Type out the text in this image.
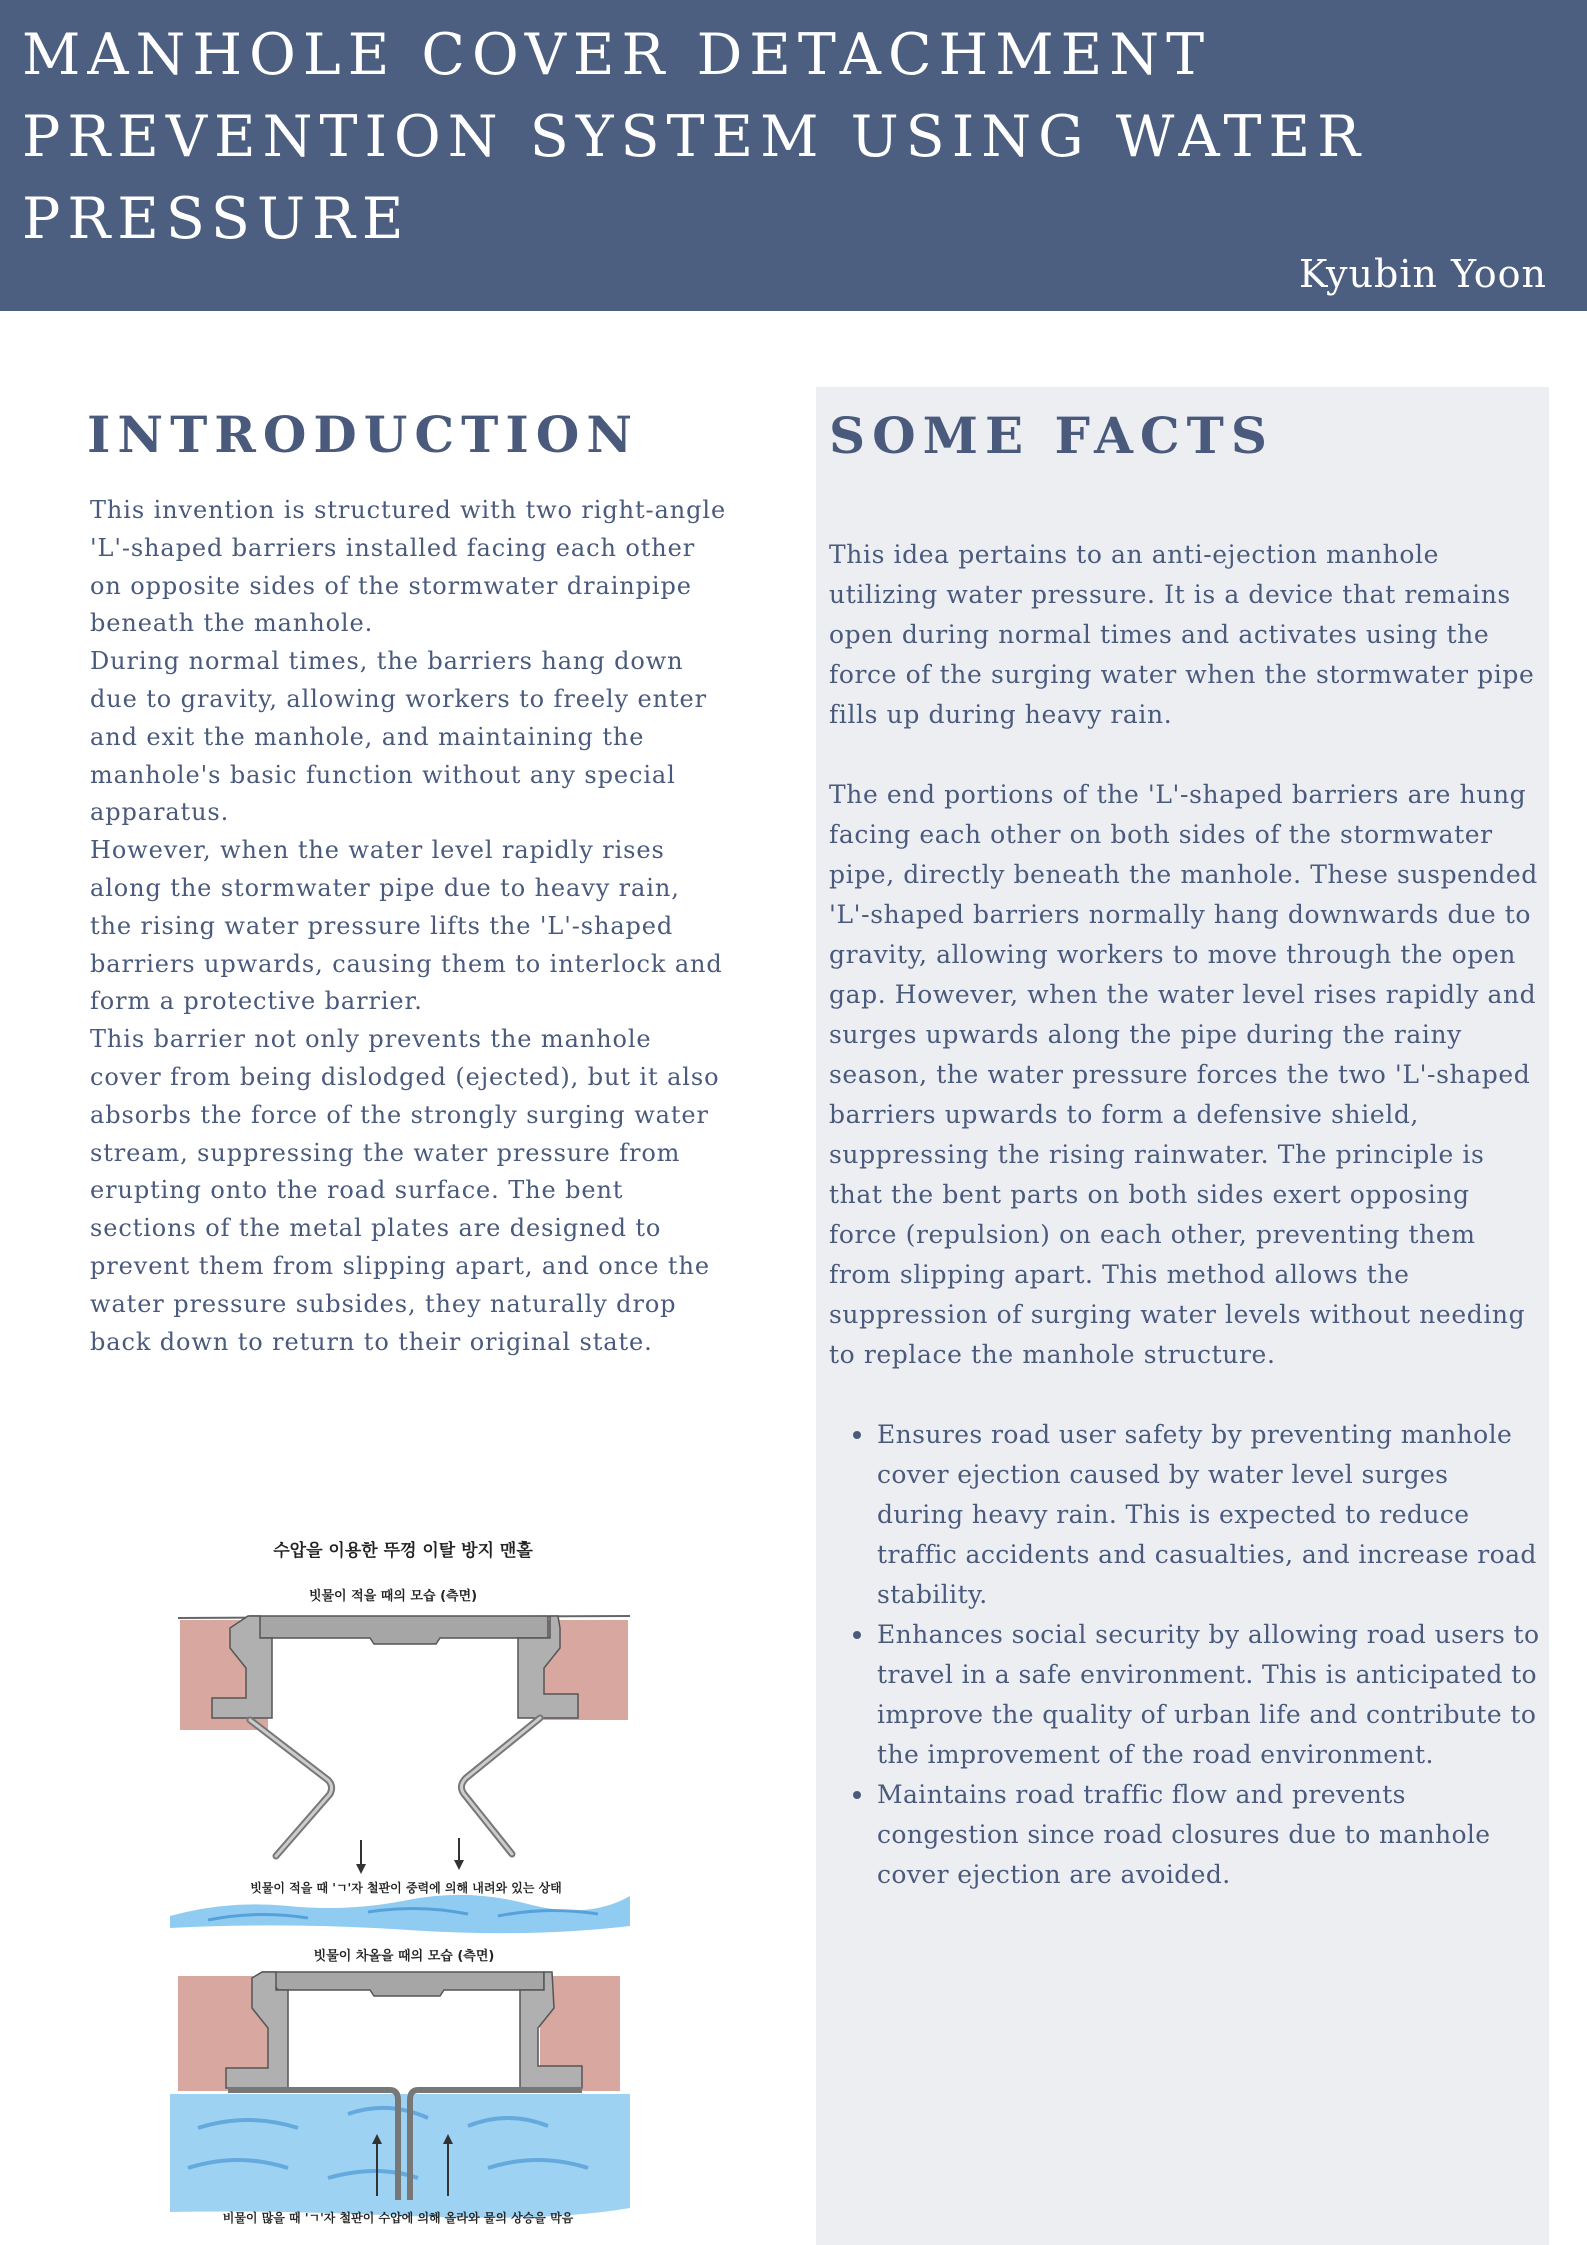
MANHOLE COVER DETACHMENT PREVENTION SYSTEM USING WATER PRESSURE
Kyubin Yoon
INTRODUCTION

This invention is structured with two right-angle 'L'-shaped barriers installed facing each other on opposite sides of the stormwater drainpipe beneath the manhole.
During normal times, the barriers hang down due to gravity, allowing workers to freely enter and exit the manhole, and maintaining the manhole's basic function without any special apparatus.
However, when the water level rapidly rises along the stormwater pipe due to heavy rain, the rising water pressure lifts the 'L'-shaped barriers upwards, causing them to interlock and form a protective barrier.
This barrier not only prevents the manhole cover from being dislodged (ejected), but it also absorbs the force of the strongly surging water stream, suppressing the water pressure from erupting onto the road surface. The bent sections of the metal plates are designed to prevent them from slipping apart, and once the water pressure subsides, they naturally drop back down to return to their original state.

수압을 이용한 뚜껑 이탈 방지 맨홀
빗물이 적을 때의 모습 (측면)
빗물이 적을 때 'ㄱ'자 철판이 중력에 의해 내려와 있는 상태
빗물이 차올을 때의 모습 (측면)
비물이 많을 때 'ㄱ'자 철판이 수압에 의해 올라와 물의 상승을 막음
SOME FACTS

This idea pertains to an anti-ejection manhole utilizing water pressure. It is a device that remains open during normal times and activates using the force of the surging water when the stormwater pipe fills up during heavy rain.

The end portions of the 'L'-shaped barriers are hung facing each other on both sides of the stormwater pipe, directly beneath the manhole. These suspended 'L'-shaped barriers normally hang downwards due to gravity, allowing workers to move through the open gap. However, when the water level rises rapidly and surges upwards along the pipe during the rainy season, the water pressure forces the two 'L'-shaped barriers upwards to form a defensive shield, suppressing the rising rainwater. The principle is that the bent parts on both sides exert opposing force (repulsion) on each other, preventing them from slipping apart. This method allows the suppression of surging water levels without needing to replace the manhole structure.

Ensures road user safety by preventing manhole cover ejection caused by water level surges during heavy rain. This is expected to reduce traffic accidents and casualties, and increase road stability.
Enhances social security by allowing road users to travel in a safe environment. This is anticipated to improve the quality of urban life and contribute to the improvement of the road environment.
Maintains road traffic flow and prevents congestion since road closures due to manhole cover ejection are avoided.
